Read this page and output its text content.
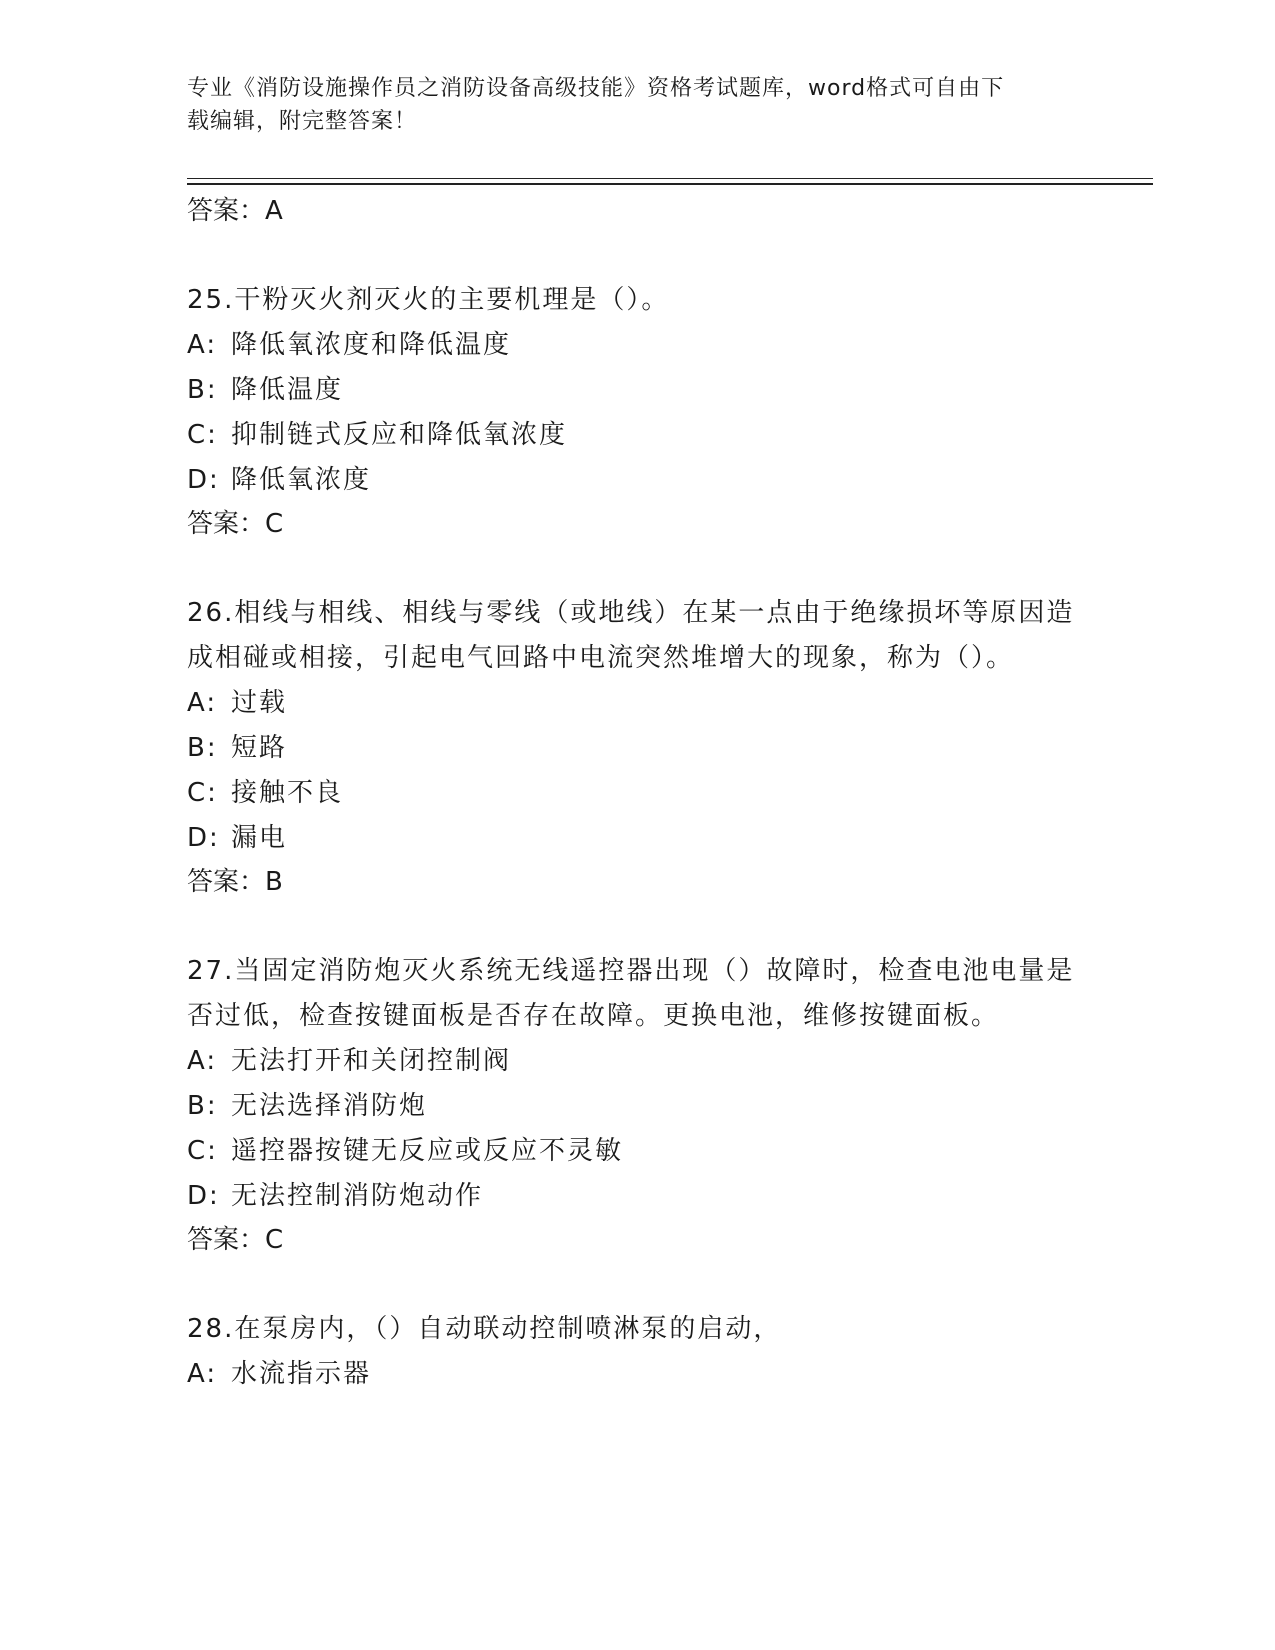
专业《消防设施操作员之消防设备高级技能》资格考试题库，word格式可自由下
载编辑，附完整答案！
答案：A
25.干粉灭火剂灭火的主要机理是（）。
A: 降低氧浓度和降低温度
B: 降低温度
C: 抑制链式反应和降低氧浓度
D: 降低氧浓度
答案：C
26.相线与相线、相线与零线（或地线）在某一点由于绝缘损坏等原因造成相碰或相接，引起电气回路中电流突然堆增大的现象，称为（）。
A: 过载
B: 短路
C: 接触不良
D: 漏电
答案：B
27.当固定消防炮灭火系统无线遥控器出现（）故障时，检查电池电量是否过低，检查按键面板是否存在故障。更换电池，维修按键面板。
A: 无法打开和关闭控制阀
B: 无法选择消防炮
C: 遥控器按键无反应或反应不灵敏
D: 无法控制消防炮动作
答案：C
28.在泵房内，（）自动联动控制喷淋泵的启动，
A: 水流指示器
